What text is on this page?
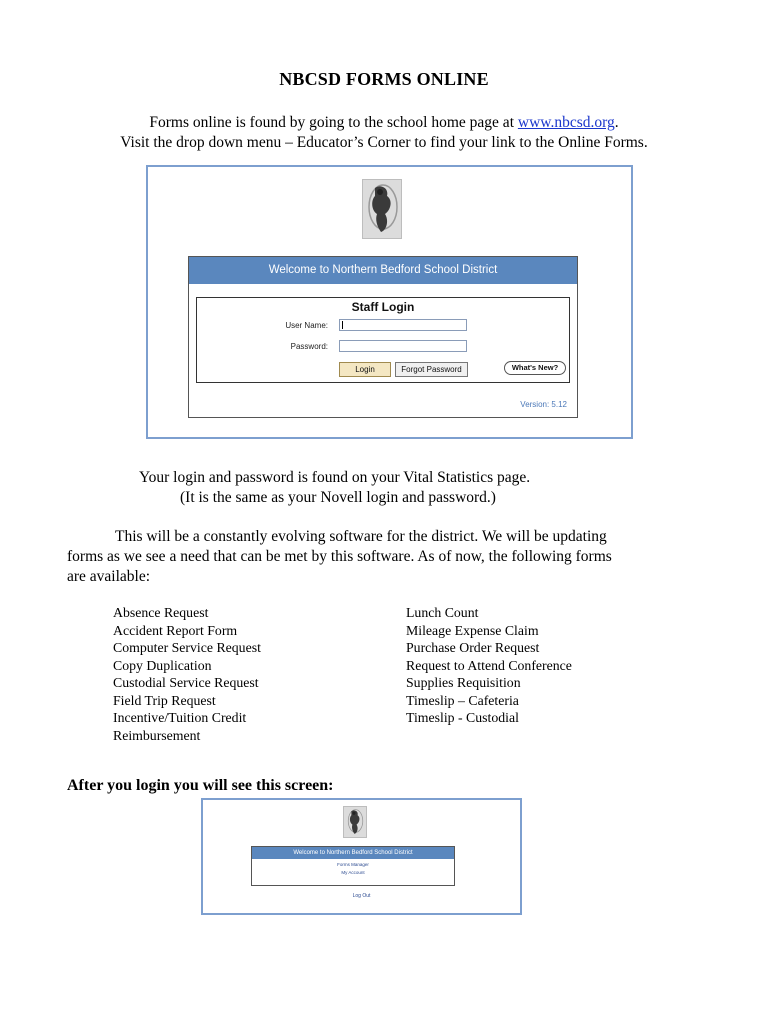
NBCSD FORMS ONLINE
Forms online is found by going to the school home page at www.nbcsd.org.
Visit the drop down menu – Educator’s Corner to find your link to the Online Forms.
Welcome to Northern Bedford School District
Staff Login
User Name:
Password:
Login	Forgot Password	What's New?
Version: 5.12
Your login and password is found on your Vital Statistics page.
(It is the same as your Novell login and password.)
This will be a constantly evolving software for the district. We will be updating
forms as we see a need that can be met by this software. As of now, the following forms
are available:
Absence Request
Accident Report Form
Computer Service Request
Copy Duplication
Custodial Service Request
Field Trip Request
Incentive/Tuition Credit
Reimbursement
Lunch Count
Mileage Expense Claim
Purchase Order Request
Request to Attend Conference
Supplies Requisition
Timeslip – Cafeteria
Timeslip - Custodial
After you login you will see this screen:
Welcome to Northern Bedford School District
Forms Manager
My Account
Log Out
